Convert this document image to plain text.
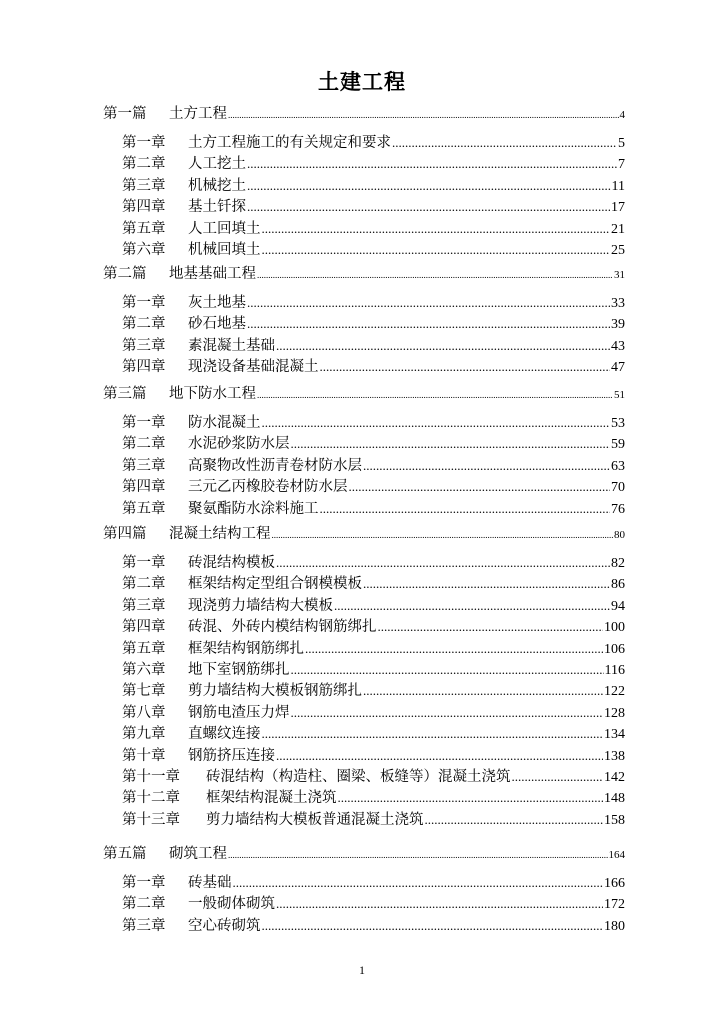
土建工程
第一篇 土方工程 .....	4
第一章 土方工程施工的有关规定和要求 .....	5
第二章 人工挖土 .....	7
第三章 机械挖土 .....	11
第四章 基土钎探 .....	17
第五章 人工回填土 .....	21
第六章 机械回填土 .....	25
第二篇 地基基础工程 .....	31
第一章 灰土地基 .....	33
第二章 砂石地基 .....	39
第三章 素混凝土基础 .....	43
第四章 现浇设备基础混凝土 .....	47
第三篇 地下防水工程 .....	51
第一章 防水混凝土 .....	53
第二章 水泥砂浆防水层 .....	59
第三章 高聚物改性沥青卷材防水层 .....	63
第四章 三元乙丙橡胶卷材防水层 .....	70
第五章 聚氨酯防水涂料施工 .....	76
第四篇 混凝土结构工程 .....	80
第一章 砖混结构模板 .....	82
第二章 框架结构定型组合钢模模板 .....	86
第三章 现浇剪力墙结构大模板 .....	94
第四章 砖混、外砖内模结构钢筋绑扎 .....	100
第五章 框架结构钢筋绑扎 .....	106
第六章 地下室钢筋绑扎 .....	116
第七章 剪力墙结构大模板钢筋绑扎 .....	122
第八章 钢筋电渣压力焊 .....	128
第九章 直螺纹连接 .....	134
第十章 钢筋挤压连接 .....	138
第十一章 砖混结构（构造柱、圈梁、板缝等）混凝土浇筑 .....	142
第十二章 框架结构混凝土浇筑 .....	148
第十三章 剪力墙结构大模板普通混凝土浇筑 .....	158
第五篇 砌筑工程 .....	164
第一章 砖基础 .....	166
第二章 一般砌体砌筑 .....	172
第三章 空心砖砌筑 .....	180
1
